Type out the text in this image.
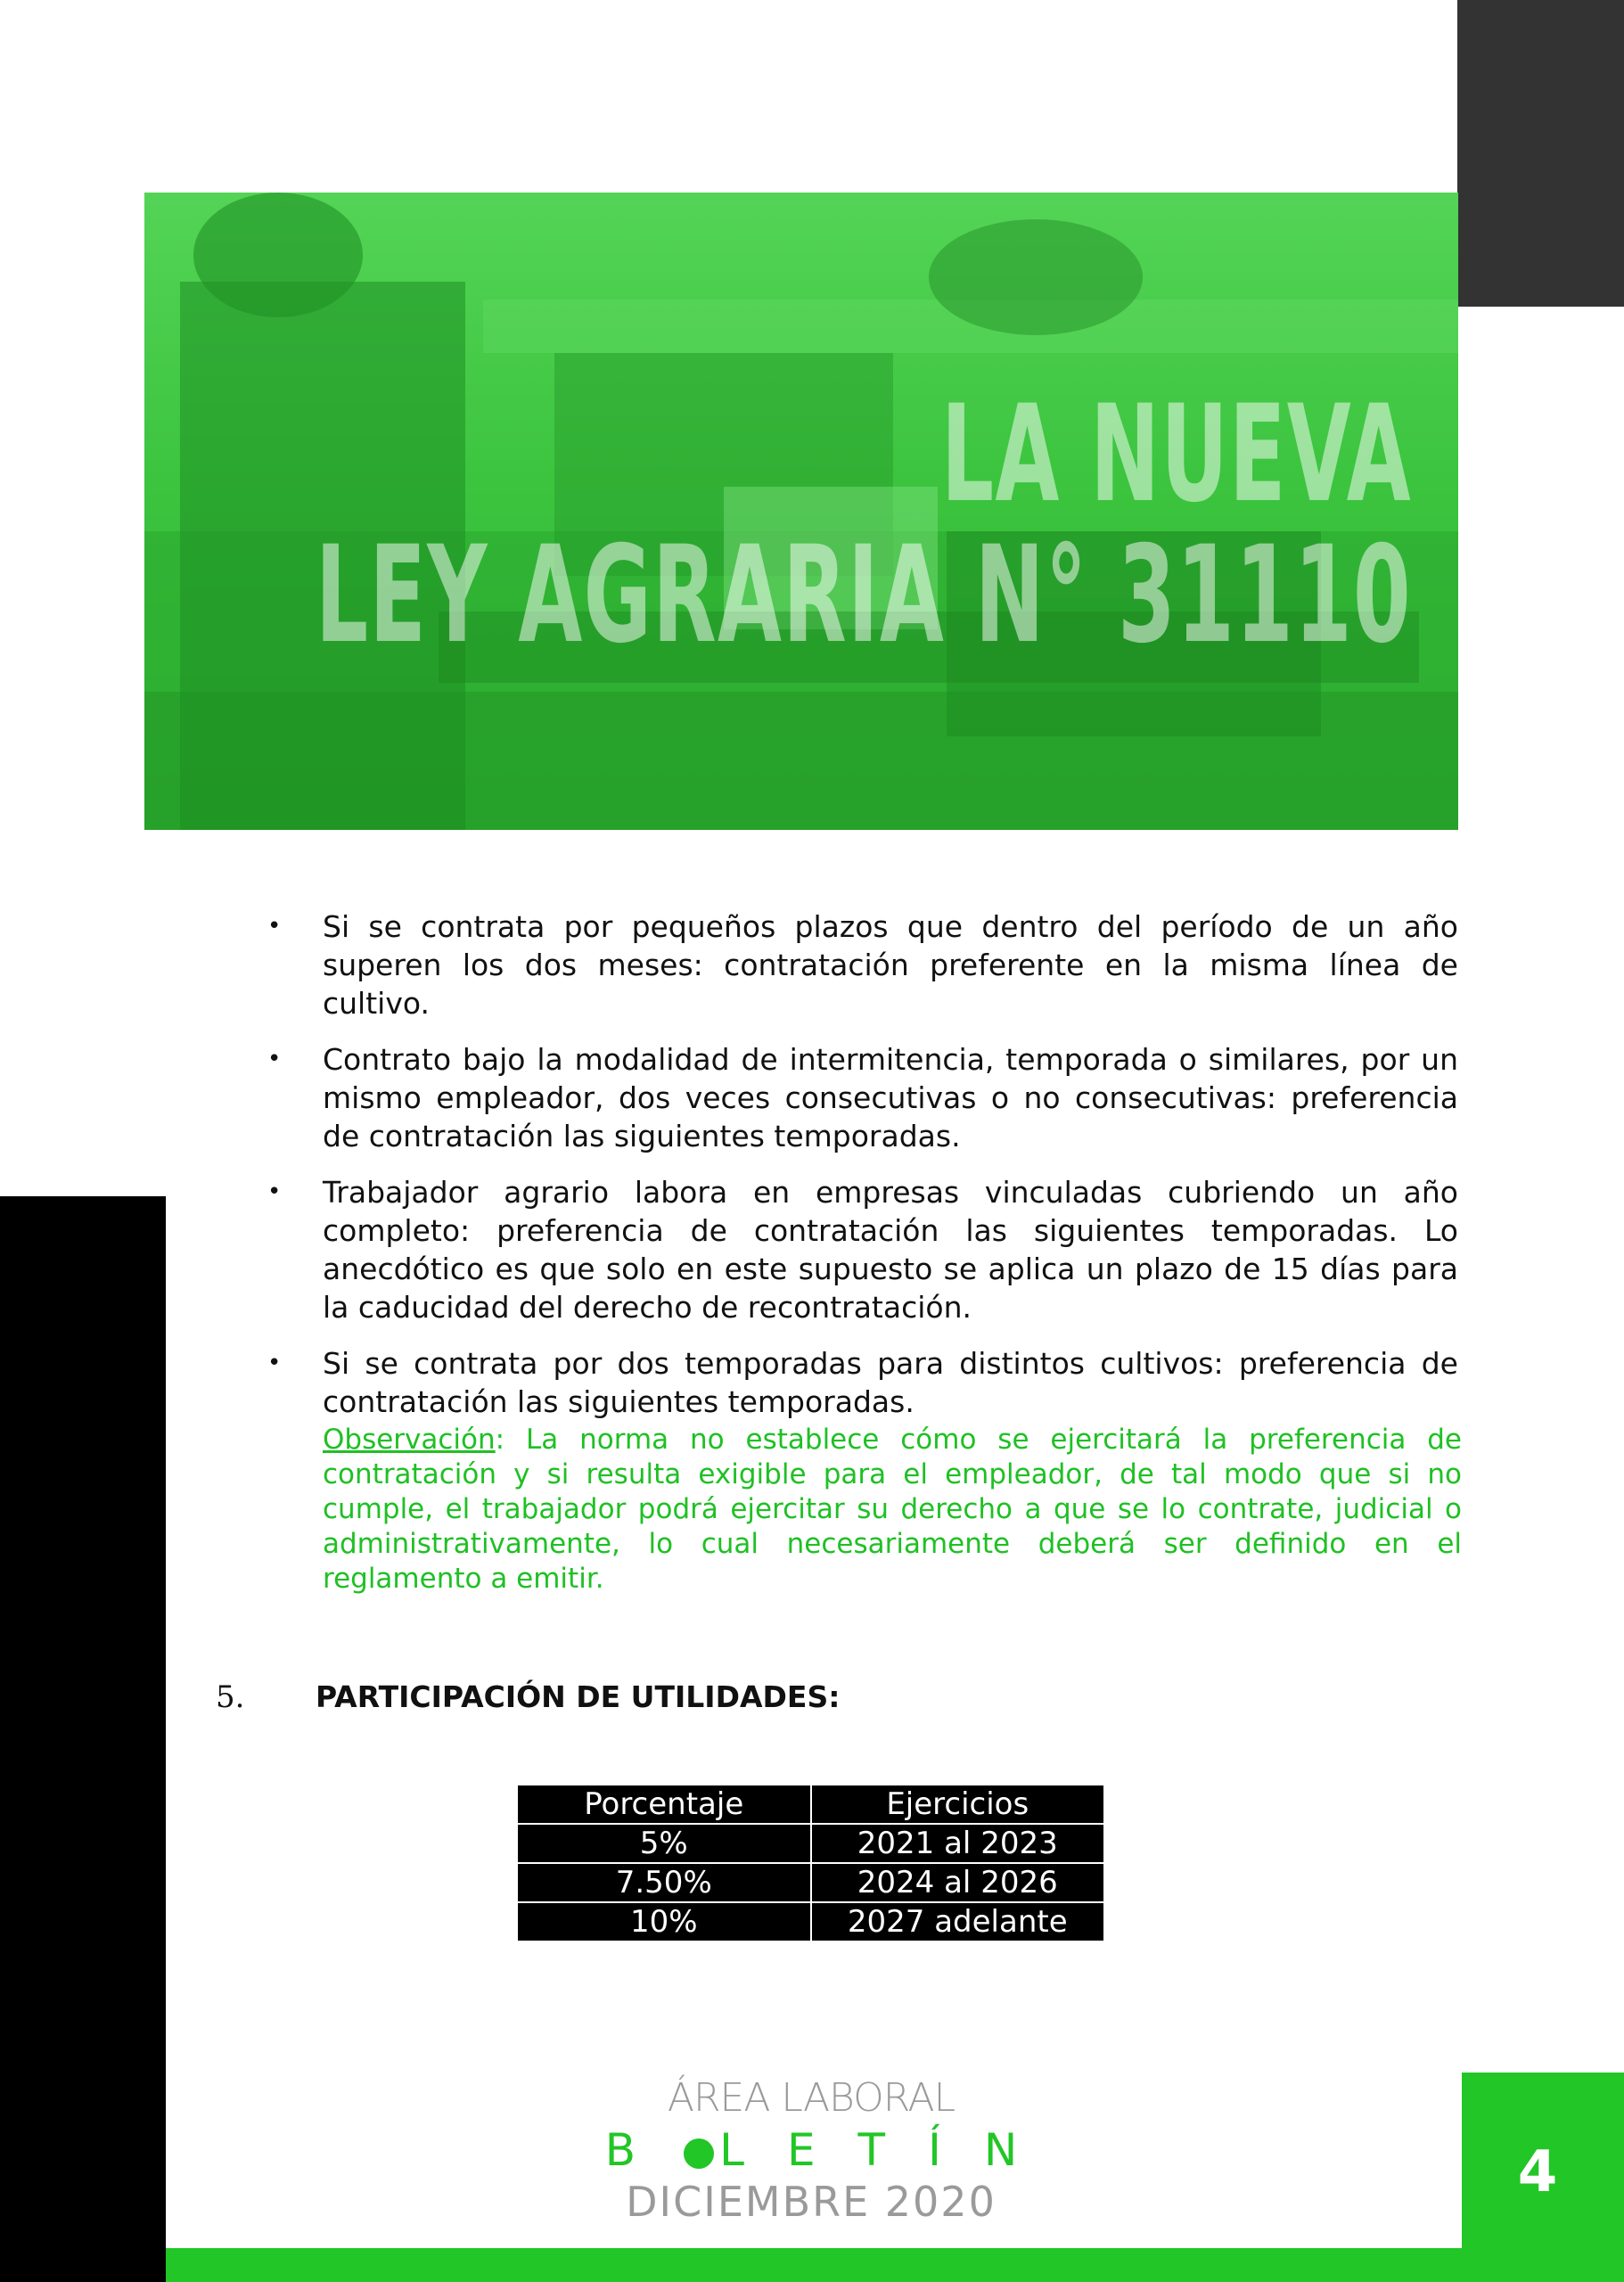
LA NUEVA
LEY AGRARIA N° 31110
• Si se contrata por pequeños plazos que dentro del período de un año superen los dos meses: contratación preferente en la misma línea de cultivo.
• Contrato bajo la modalidad de intermitencia, temporada o similares, por un mismo empleador, dos veces consecutivas o no consecutivas: preferencia de contratación las siguientes temporadas.
• Trabajador agrario labora en empresas vinculadas cubriendo un año completo: preferencia de contratación las siguientes temporadas. Lo anecdótico es que solo en este supuesto se aplica un plazo de 15 días para la caducidad del derecho de recontratación.
• Si se contrata por dos temporadas para distintos cultivos: preferencia de contratación las siguientes temporadas.
Observación: La norma no establece cómo se ejercitará la preferencia de contratación y si resulta exigible para el empleador, de tal modo que si no cumple, el trabajador podrá ejercitar su derecho a que se lo contrate, judicial o administrativamente, lo cual necesariamente deberá ser definido en el reglamento a emitir.
5. PARTICIPACIÓN DE UTILIDADES:
Porcentaje	Ejercicios
5%	2021 al 2023
7.50%	2024 al 2026
10%	2027 adelante
ÁREA LABORAL
B LETÍN
DICIEMBRE 2020	4
